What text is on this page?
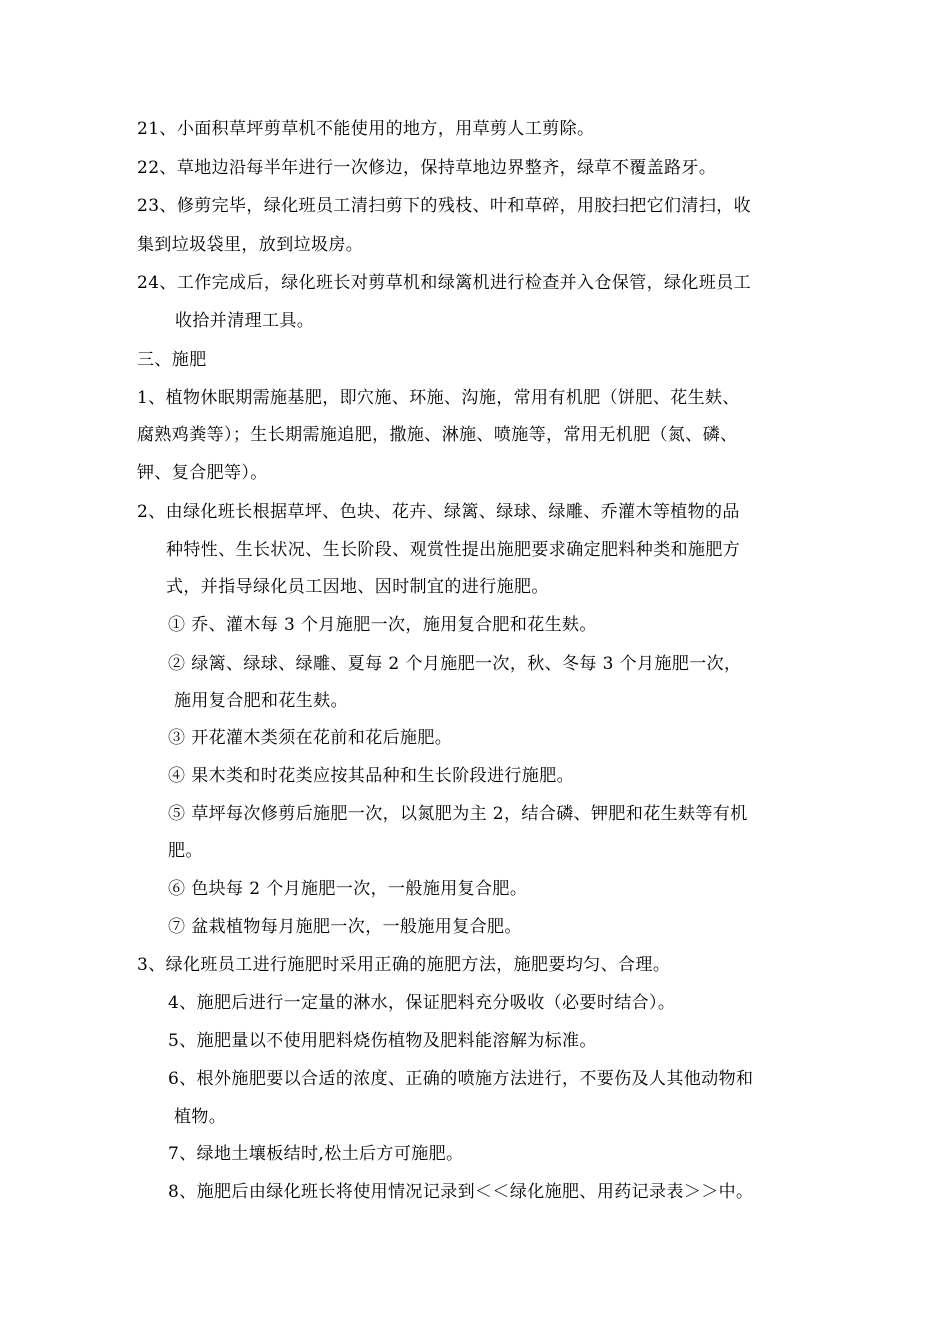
21、小面积草坪剪草机不能使用的地方，用草剪人工剪除。
22、草地边沿每半年进行一次修边，保持草地边界整齐，绿草不覆盖路牙。
23、修剪完毕，绿化班员工清扫剪下的残枝、叶和草碎，用胶扫把它们清扫，收
集到垃圾袋里，放到垃圾房。
24、工作完成后，绿化班长对剪草机和绿篱机进行检查并入仓保管，绿化班员工
收拾并清理工具。
三、施肥
1、植物休眠期需施基肥，即穴施、环施、沟施，常用有机肥（饼肥、花生麸、
腐熟鸡粪等）；生长期需施追肥，撒施、淋施、喷施等，常用无机肥（氮、磷、
钾、复合肥等）。
2、由绿化班长根据草坪、色块、花卉、绿篱、绿球、绿雕、乔灌木等植物的品
种特性、生长状况、生长阶段、观赏性提出施肥要求确定肥料种类和施肥方
式，并指导绿化员工因地、因时制宜的进行施肥。
① 乔、灌木每 3 个月施肥一次，施用复合肥和花生麸。
② 绿篱、绿球、绿雕、夏每 2 个月施肥一次，秋、冬每 3 个月施肥一次，
施用复合肥和花生麸。
③ 开花灌木类须在花前和花后施肥。
④ 果木类和时花类应按其品种和生长阶段进行施肥。
⑤ 草坪每次修剪后施肥一次，以氮肥为主 2，结合磷、钾肥和花生麸等有机
肥。
⑥ 色块每 2 个月施肥一次，一般施用复合肥。
⑦ 盆栽植物每月施肥一次，一般施用复合肥。
3、绿化班员工进行施肥时采用正确的施肥方法，施肥要均匀、合理。
4、施肥后进行一定量的淋水，保证肥料充分吸收（必要时结合）。
5、施肥量以不使用肥料烧伤植物及肥料能溶解为标准。
6、根外施肥要以合适的浓度、正确的喷施方法进行，不要伤及人其他动物和
植物。
7、绿地土壤板结时,松土后方可施肥。
8、施肥后由绿化班长将使用情况记录到＜＜绿化施肥、用药记录表＞＞中。
